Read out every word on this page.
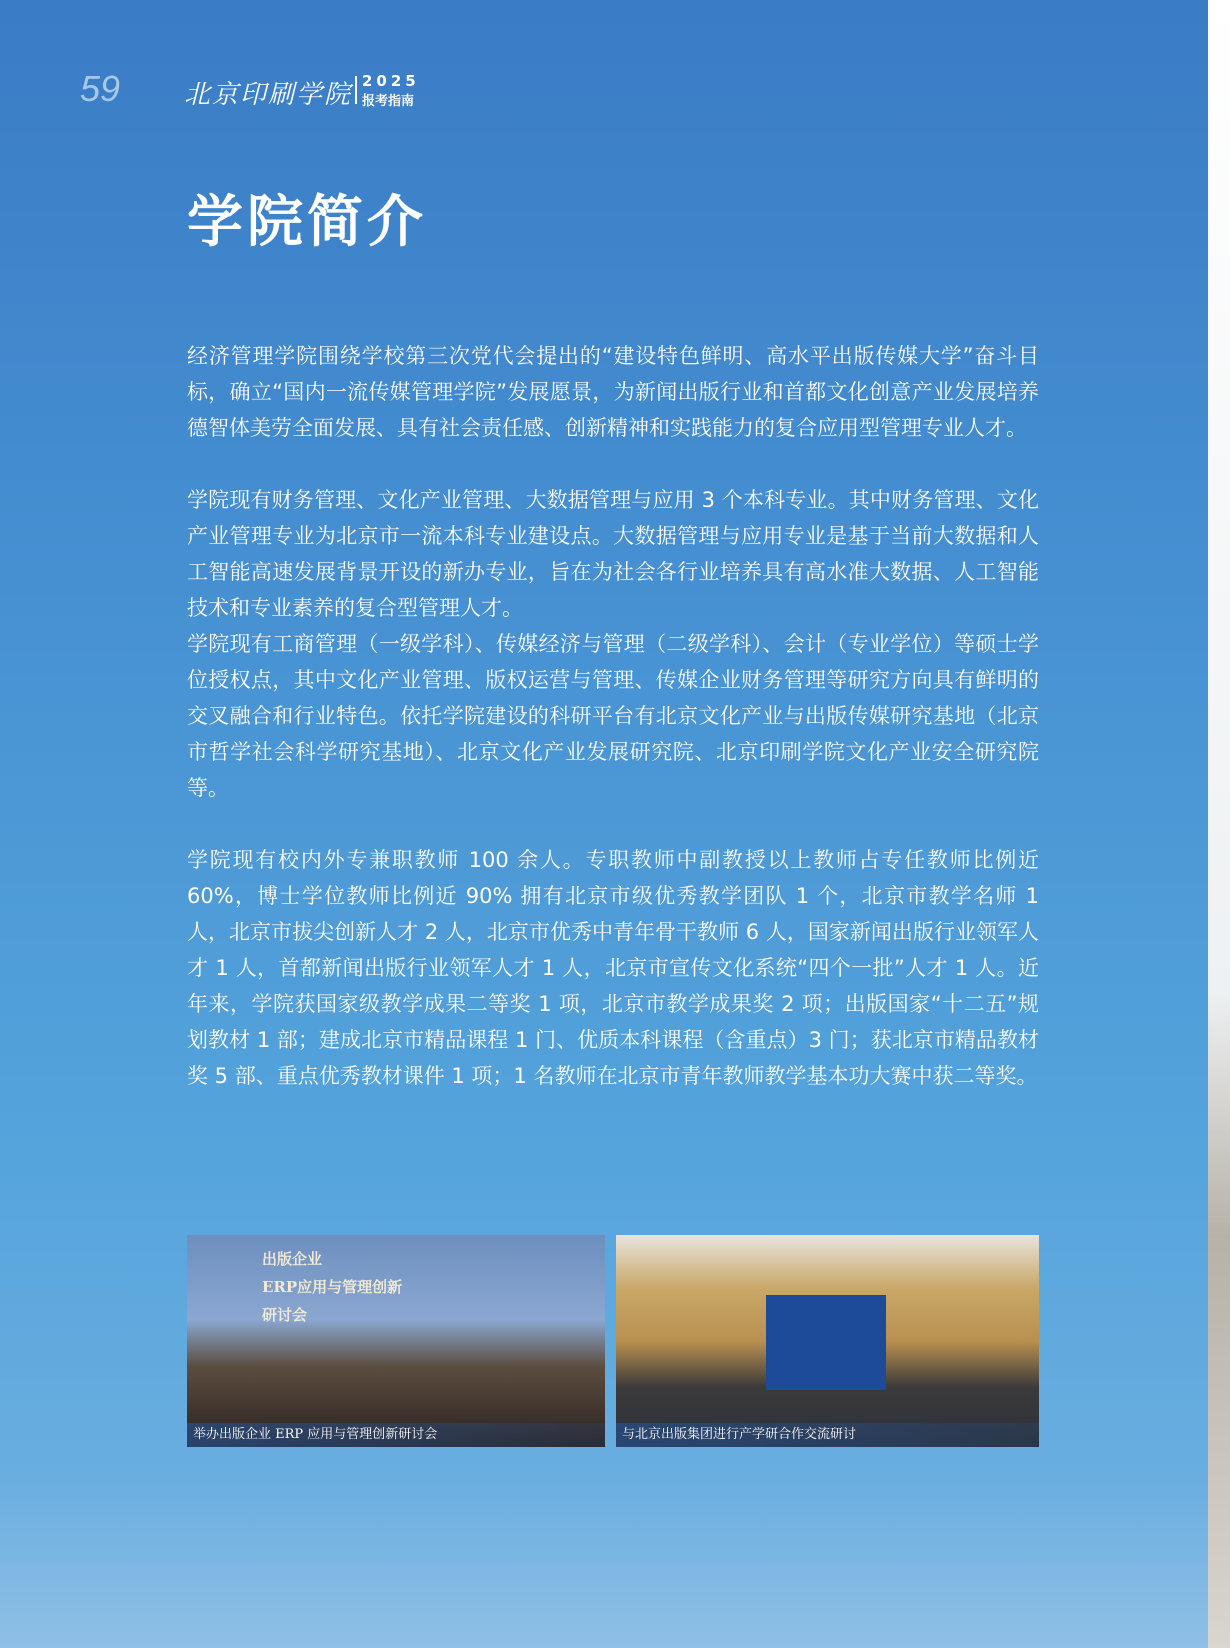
59 北京印刷学院 2025
报考指南
学院简介

经济管理学院围绕学校第三次党代会提出的“建设特色鲜明、高水平出版传媒大学”奋斗目标，确立“国内一流传媒管理学院”发展愿景，为新闻出版行业和首都文化创意产业发展培养德智体美劳全面发展、具有社会责任感、创新精神和实践能力的复合应用型管理专业人才。

学院现有财务管理、文化产业管理、大数据管理与应用 3 个本科专业。其中财务管理、文化产业管理专业为北京市一流本科专业建设点。大数据管理与应用专业是基于当前大数据和人工智能高速发展背景开设的新办专业，旨在为社会各行业培养具有高水准大数据、人工智能技术和专业素养的复合型管理人才。

学院现有工商管理（一级学科）、传媒经济与管理（二级学科）、会计（专业学位）等硕士学位授权点，其中文化产业管理、版权运营与管理、传媒企业财务管理等研究方向具有鲜明的交叉融合和行业特色。依托学院建设的科研平台有北京文化产业与出版传媒研究基地（北京市哲学社会科学研究基地）、北京文化产业发展研究院、北京印刷学院文化产业安全研究院等。

学院现有校内外专兼职教师 100 余人。专职教师中副教授以上教师占专任教师比例近 60%，博士学位教师比例近 90% 拥有北京市级优秀教学团队 1 个，北京市教学名师 1 人，北京市拔尖创新人才 2 人，北京市优秀中青年骨干教师 6 人，国家新闻出版行业领军人才 1 人，首都新闻出版行业领军人才 1 人，北京市宣传文化系统“四个一批”人才 1 人。近年来，学院获国家级教学成果二等奖 1 项，北京市教学成果奖 2 项；出版国家“十二五”规划教材 1 部；建成北京市精品课程 1 门、优质本科课程（含重点）3 门；获北京市精品教材奖 5 部、重点优秀教材课件 1 项；1 名教师在北京市青年教师教学基本功大赛中获二等奖。

出版企业
ERP应用与管理创新
研讨会
举办出版企业 ERP 应用与管理创新研讨会	与北京出版集团进行产学研合作交流研讨
